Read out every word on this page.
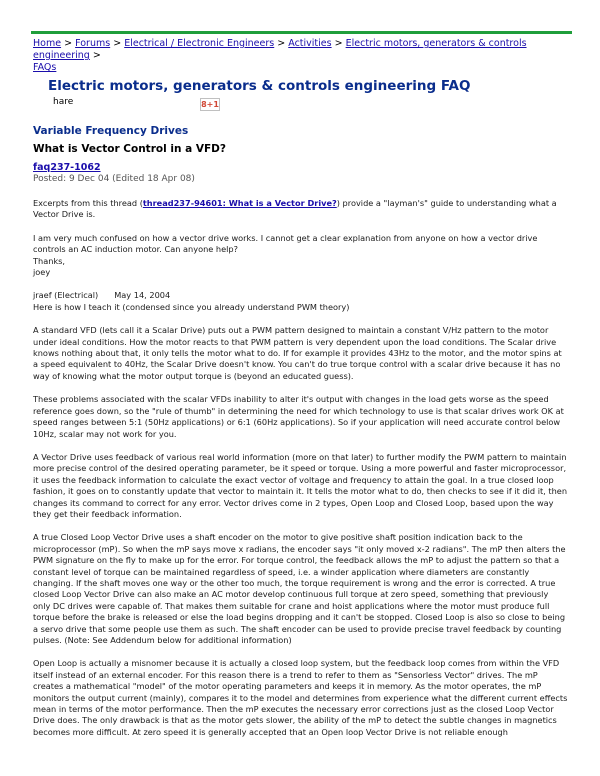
Home > Forums > Electrical / Electronic Engineers > Activities > Electric motors, generators & controls engineering >
FAQs
Electric motors, generators & controls engineering FAQ
hare	8+1
Variable Frequency Drives
What is Vector Control in a VFD?
faq237-1062
Posted: 9 Dec 04 (Edited 18 Apr 08)

Excerpts from this thread (thread237-94601: What is a Vector Drive?) provide a "layman's" guide to understanding what a Vector Drive is.

I am very much confused on how a vector drive works. I cannot get a clear explanation from anyone on how a vector drive controls an AC induction motor. Can anyone help?
Thanks,
joey

jraef (Electrical) May 14, 2004
Here is how I teach it (condensed since you already understand PWM theory)

A standard VFD (lets call it a Scalar Drive) puts out a PWM pattern designed to maintain a constant V/Hz pattern to the motor under ideal conditions. How the motor reacts to that PWM pattern is very dependent upon the load conditions. The Scalar drive knows nothing about that, it only tells the motor what to do. If for example it provides 43Hz to the motor, and the motor spins at a speed equivalent to 40Hz, the Scalar Drive doesn't know. You can't do true torque control with a scalar drive because it has no way of knowing what the motor output torque is (beyond an educated guess).

These problems associated with the scalar VFDs inability to alter it's output with changes in the load gets worse as the speed reference goes down, so the "rule of thumb" in determining the need for which technology to use is that scalar drives work OK at speed ranges between 5:1 (50Hz applications) or 6:1 (60Hz applications). So if your application will need accurate control below 10Hz, scalar may not work for you.

A Vector Drive uses feedback of various real world information (more on that later) to further modify the PWM pattern to maintain more precise control of the desired operating parameter, be it speed or torque. Using a more powerful and faster microprocessor, it uses the feedback information to calculate the exact vector of voltage and frequency to attain the goal. In a true closed loop fashion, it goes on to constantly update that vector to maintain it. It tells the motor what to do, then checks to see if it did it, then changes its command to correct for any error. Vector drives come in 2 types, Open Loop and Closed Loop, based upon the way they get their feedback information.

A true Closed Loop Vector Drive uses a shaft encoder on the motor to give positive shaft position indication back to the microprocessor (mP). So when the mP says move x radians, the encoder says "it only moved x-2 radians". The mP then alters the PWM signature on the fly to make up for the error. For torque control, the feedback allows the mP to adjust the pattern so that a constant level of torque can be maintained regardless of speed, i.e. a winder application where diameters are constantly changing. If the shaft moves one way or the other too much, the torque requirement is wrong and the error is corrected. A true closed Loop Vector Drive can also make an AC motor develop continuous full torque at zero speed, something that previously only DC drives were capable of. That makes them suitable for crane and hoist applications where the motor must produce full torque before the brake is released or else the load begins dropping and it can't be stopped. Closed Loop is also so close to being a servo drive that some people use them as such. The shaft encoder can be used to provide precise travel feedback by counting pulses. (Note: See Addendum below for additional information)

Open Loop is actually a misnomer because it is actually a closed loop system, but the feedback loop comes from within the VFD itself instead of an external encoder. For this reason there is a trend to refer to them as "Sensorless Vector" drives. The mP creates a mathematical "model" of the motor operating parameters and keeps it in memory. As the motor operates, the mP monitors the output current (mainly), compares it to the model and determines from experience what the different current effects mean in terms of the motor performance. Then the mP executes the necessary error corrections just as the closed Loop Vector Drive does. The only drawback is that as the motor gets slower, the ability of the mP to detect the subtle changes in magnetics becomes more difficult. At zero speed it is generally accepted that an Open loop Vector Drive is not reliable enough
